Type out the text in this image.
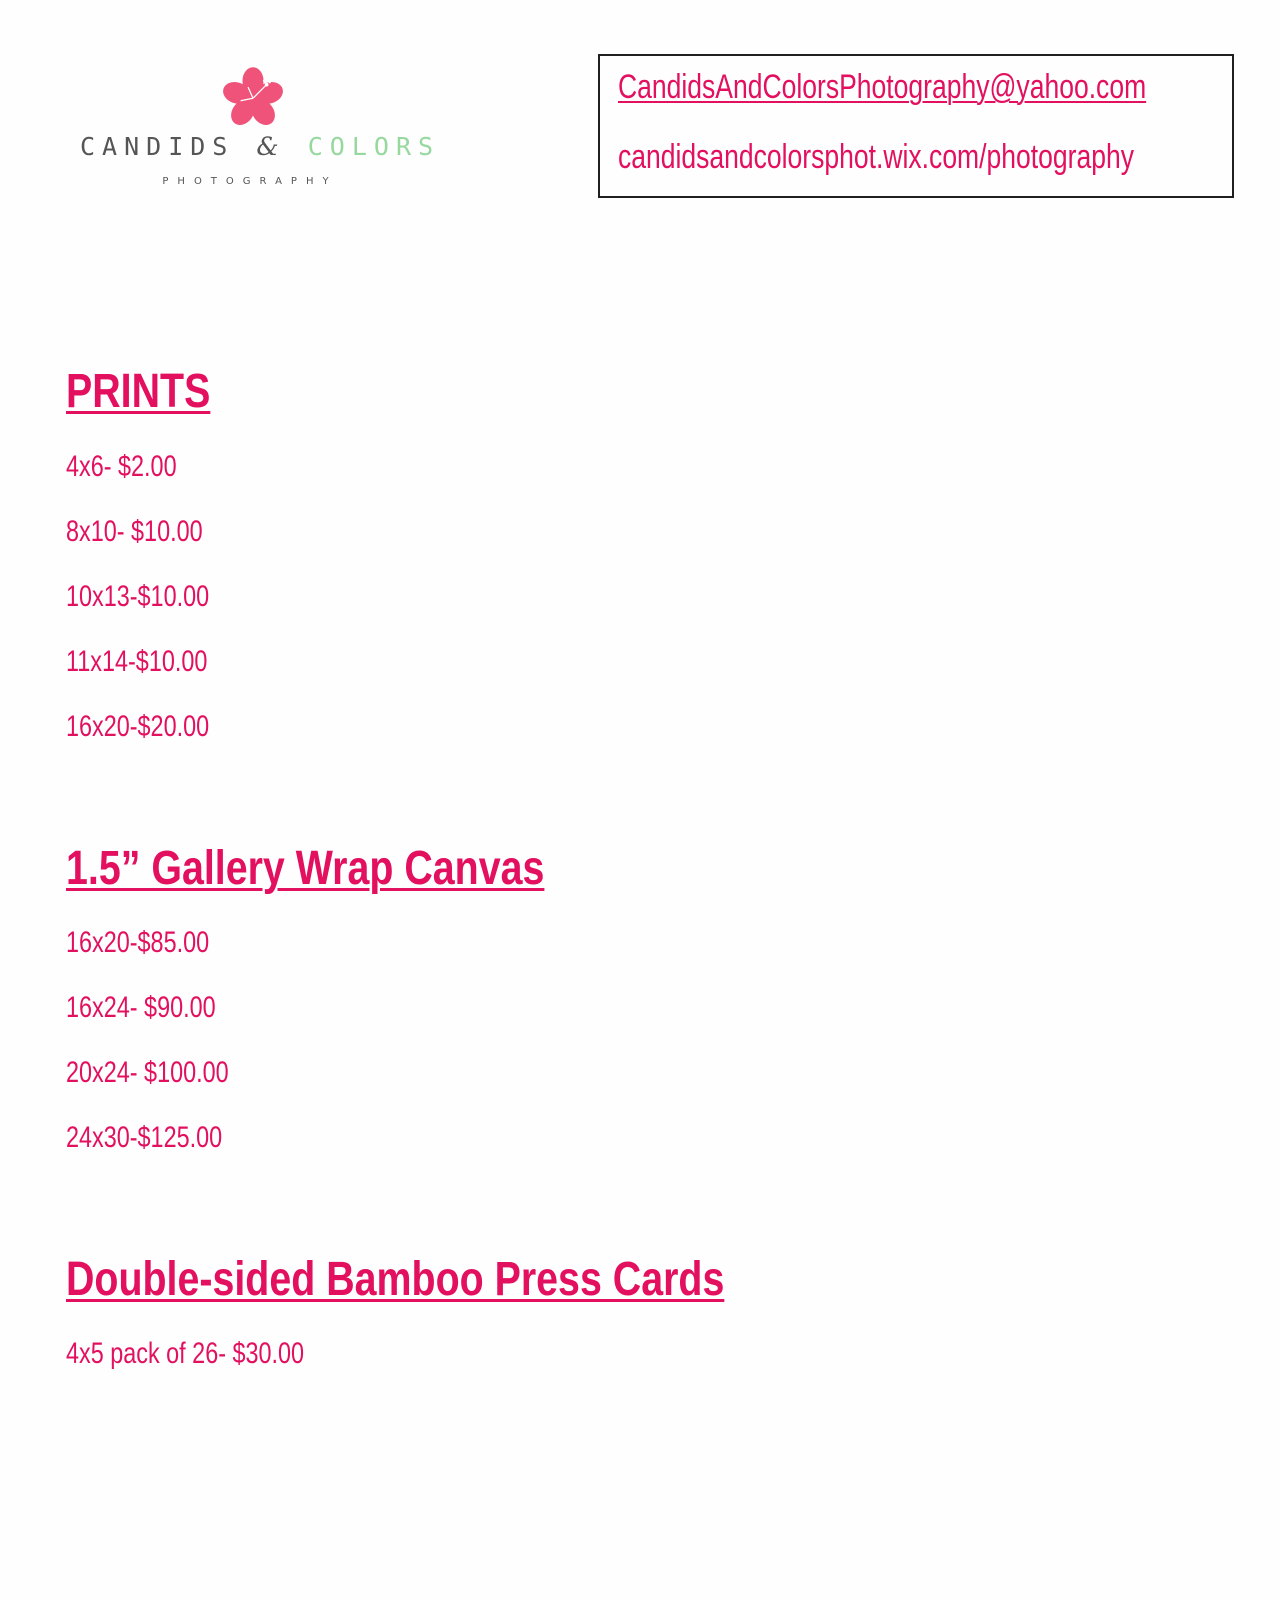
CANDIDS & COLORS
PHOTOGRAPHY
CandidsAndColorsPhotography@yahoo.com
candidsandcolorsphot.wix.com/photography
PRINTS
4x6- $2.00
8x10- $10.00
10x13-$10.00
11x14-$10.00
16x20-$20.00
1.5” Gallery Wrap Canvas
16x20-$85.00
16x24- $90.00
20x24- $100.00
24x30-$125.00
Double-sided Bamboo Press Cards
4x5 pack of 26- $30.00
